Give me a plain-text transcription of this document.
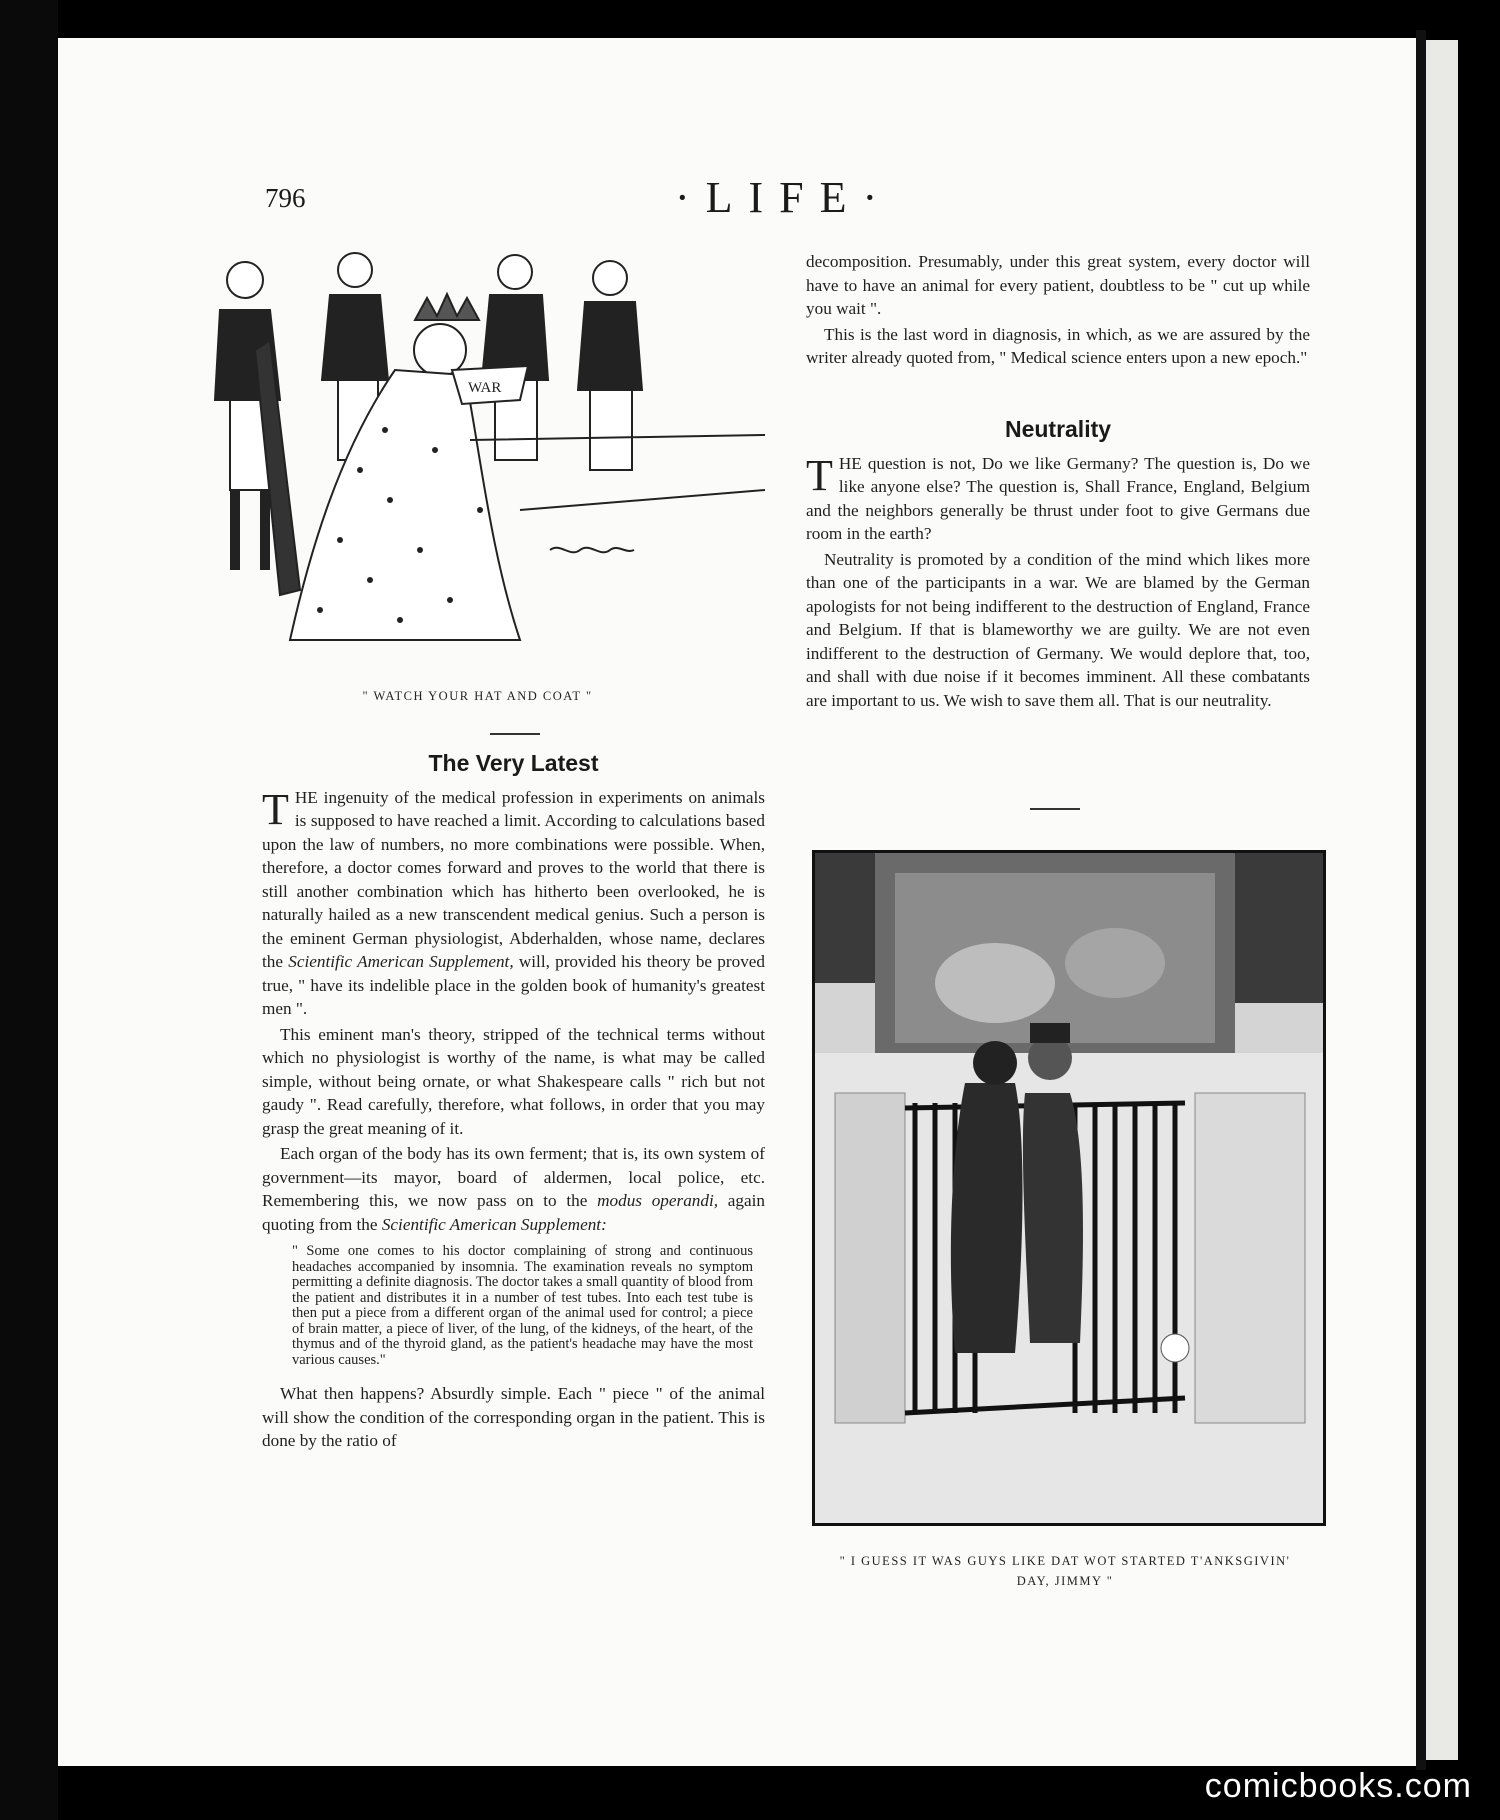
796	·LIFE·
WAR
" WATCH YOUR HAT AND COAT "
The Very Latest

THE ingenuity of the medical profession in experiments on animals is supposed to have reached a limit. According to calculations based upon the law of numbers, no more combinations were possible. When, therefore, a doctor comes forward and proves to the world that there is still another combination which has hitherto been overlooked, he is naturally hailed as a new transcendent medical genius. Such a person is the eminent German physiologist, Abderhalden, whose name, declares the Scientific American Supplement, will, provided his theory be proved true, " have its indelible place in the golden book of humanity's greatest men ".

This eminent man's theory, stripped of the technical terms without which no physiologist is worthy of the name, is what may be called simple, without being ornate, or what Shakespeare calls " rich but not gaudy ". Read carefully, therefore, what follows, in order that you may grasp the great meaning of it.

Each organ of the body has its own ferment; that is, its own system of government—its mayor, board of aldermen, local police, etc. Remembering this, we now pass on to the modus operandi, again quoting from the Scientific American Supplement:

" Some one comes to his doctor complaining of strong and continuous headaches accompanied by insomnia. The examination reveals no symptom permitting a definite diagnosis. The doctor takes a small quantity of blood from the patient and distributes it in a number of test tubes. Into each test tube is then put a piece from a different organ of the animal used for control; a piece of brain matter, a piece of liver, of the lung, of the kidneys, of the heart, of the thymus and of the thyroid gland, as the patient's headache may have the most various causes."

What then happens? Absurdly simple. Each " piece " of the animal will show the condition of the corresponding organ in the patient. This is done by the ratio of

decomposition. Presumably, under this great system, every doctor will have to have an animal for every patient, doubtless to be " cut up while you wait ".

This is the last word in diagnosis, in which, as we are assured by the writer already quoted from, " Medical science enters upon a new epoch."

Neutrality

THE question is not, Do we like Germany? The question is, Do we like anyone else? The question is, Shall France, England, Belgium and the neighbors generally be thrust under foot to give Germans due room in the earth?

Neutrality is promoted by a condition of the mind which likes more than one of the participants in a war. We are blamed by the German apologists for not being indifferent to the destruction of England, France and Belgium. If that is blameworthy we are guilty. We are not even indifferent to the destruction of Germany. We would deplore that, too, and shall with due noise if it becomes imminent. All these combatants are important to us. We wish to save them all. That is our neutrality.

" I GUESS IT WAS GUYS LIKE DAT WOT STARTED T'ANKSGIVIN'
DAY, JIMMY "
comicbooks.com
